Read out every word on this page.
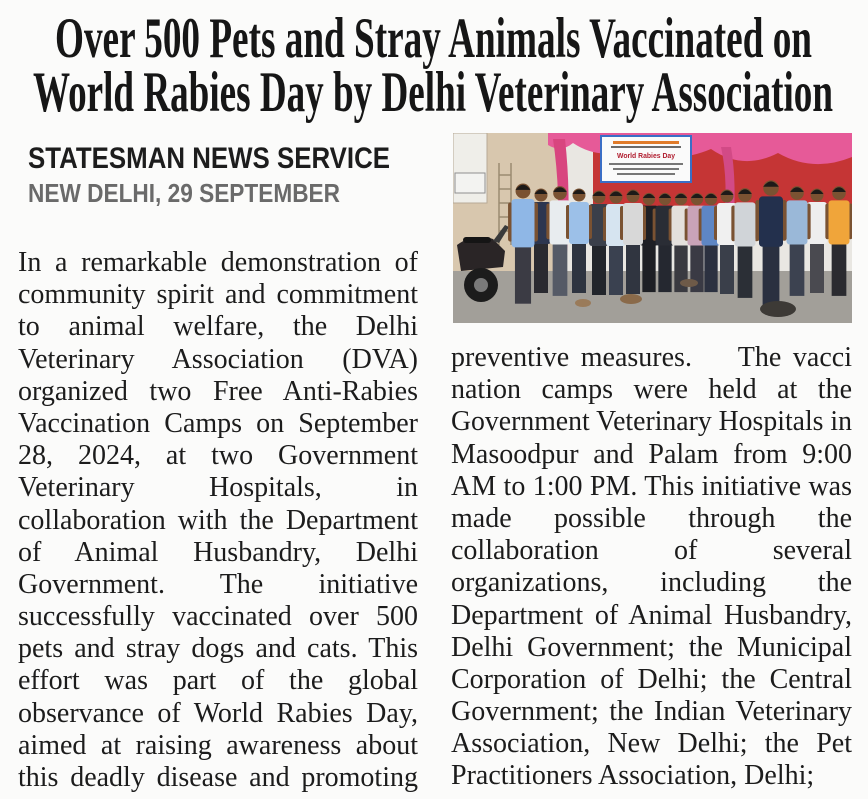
Over 500 Pets and Stray Animals Vaccinated on
World Rabies Day by Delhi Veterinary Association
STATESMAN NEWS SERVICE
NEW DELHI, 29 SEPTEMBER
World Rabies Day
In a remarkable demonstration of
community spirit and commitment
to animal welfare, the Delhi
Veterinary Association (DVA)
organized two Free Anti-Rabies
Vaccination Camps on September
28, 2024, at two Government
Veterinary Hospitals, in
collaboration with the Department
of Animal Husbandry, Delhi
Government. The initiative
successfully vaccinated over 500
pets and stray dogs and cats. This
effort was part of the global
observance of World Rabies Day,
aimed at raising awareness about
this deadly disease and promoting
preventive measures.    The vacci
nation camps were held at the
Government Veterinary Hospitals in
Masoodpur and Palam from 9:00
AM to 1:00 PM. This initiative was
made possible through the
collaboration of several
organizations, including the
Department of Animal Husbandry,
Delhi Government; the Municipal
Corporation of Delhi; the Central
Government; the Indian Veterinary
Association, New Delhi; the Pet
Practitioners Association, Delhi;
